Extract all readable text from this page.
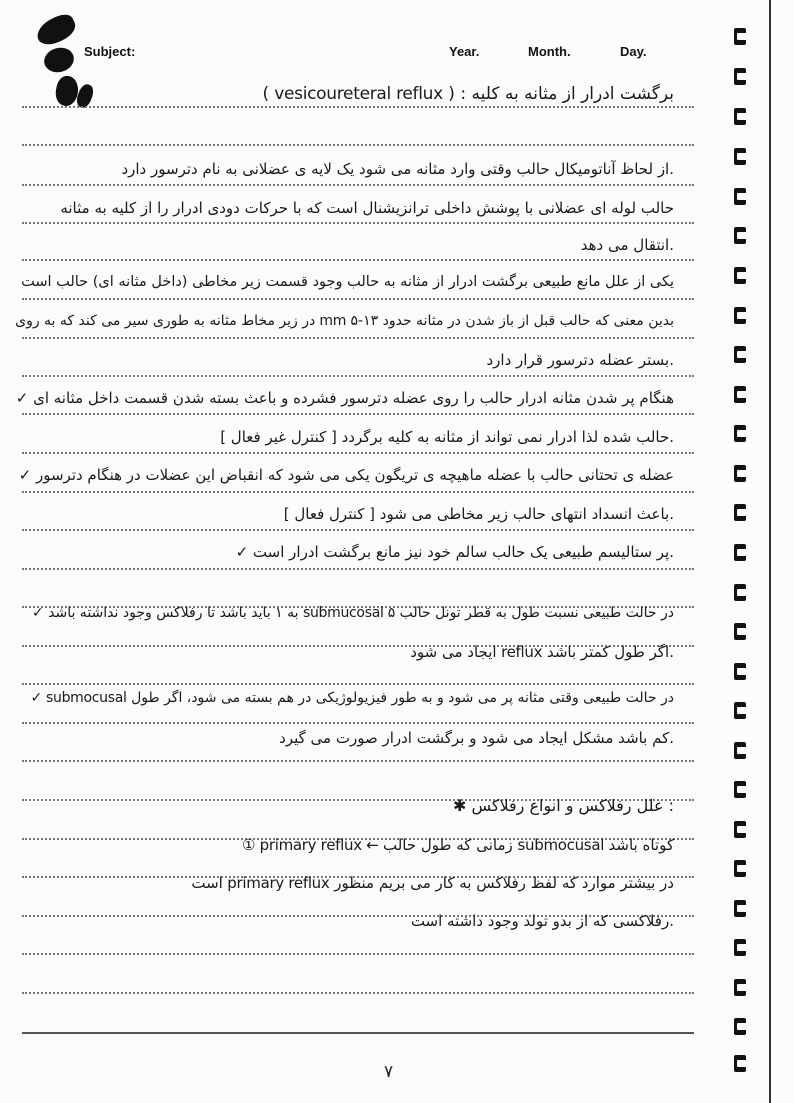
Subject:	Year.	Month.	Day.
برگشت ادرار از مثانه به کلیه : ( vesicoureteral reflux )
.از لحاظ آناتومیکال حالب وقتی وارد مثانه می شود یک لایه ی عضلانی به نام دترسور دارد
حالب لوله ای عضلانی با پوشش داخلی ترانزیشنال است که با حرکات دودی ادرار را از کلیه به مثانه
.انتقال می دهد
یکی از علل مانع طبیعی برگشت ادرار از مثانه به حالب وجود قسمت زیر مخاطی (داخل مثانه ای) حالب است
بدین معنی که حالب قبل از باز شدن در مثانه حدود ۱۳-۵ mm در زیر مخاط مثانه به طوری سیر می کند که به روی
.بستر عضله دترسور قرار دارد
هنگام پر شدن مثانه ادرار حالب را روی عضله دترسور فشرده و باعث بسته شدن قسمت داخل مثانه ای ✓
.حالب شده لذا ادرار نمی تواند از مثانه به کلیه برگردد [ کنترل غیر فعال ]
عضله ی تحتانی حالب با عضله ماهیچه ی تریگون یکی می شود که انقباض این عضلات در هنگام دترسور ✓
.باعث انسداد انتهای حالب زیر مخاطی می شود [ کنترل فعال ]
.پر ستالیسم طبیعی یک حالب سالم خود نیز مانع برگشت ادرار است ✓
در حالت طبیعی نسبت طول به قطر تونل حالب submucosal ۵ به ۱ باید باشد تا رفلاکس وجود نداشته باشد ✓
.اگر طول کمتر باشد reflux ایجاد می شود
در حالت طبیعی وقتی مثانه پر می شود و به طور فیزیولوژیکی در هم بسته می شود، اگر طول submocusal ✓
.کم باشد مشکل ایجاد می شود و برگشت ادرار صورت می گیرد
: علل رفلاکس و انواع رفلاکس ✱
① primary reflux ← زمانی که طول حالب submocusal کوتاه باشد
در بیشتر موارد که لفظ رفلاکس به کار می بریم منظور primary reflux است
.رفلاکسی که از بدو تولد وجود داشته است
۷
